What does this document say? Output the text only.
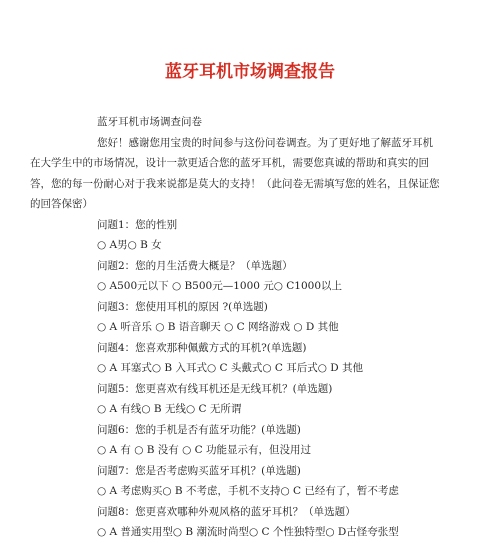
蓝牙耳机市场调查报告
蓝牙耳机市场调查问卷
您好！感谢您用宝贵的时间参与这份问卷调查。为了更好地了解蓝牙耳机在大学生中的市场情况，设计一款更适合您的蓝牙耳机，需要您真诚的帮助和真实的回答，您的每一份耐心对于我来说都是莫大的支持！（此问卷无需填写您的姓名，且保证您的回答保密）
问题1：您的性别
○ A男○ B 女
问题2：您的月生活费大概是？（单选题）
○ A500元以下 ○ B500元—1000 元○ C1000以上
问题3：您使用耳机的原因 ?(单选题)
○ A 听音乐 ○ B 语音聊天 ○ C 网络游戏 ○ D 其他
问题4：您喜欢那种佩戴方式的耳机?(单选题)
○ A 耳塞式○ B 入耳式○ C 头戴式○ C 耳后式○ D 其他
问题5：您更喜欢有线耳机还是无线耳机？(单选题)
○ A 有线○ B 无线○ C 无所谓
问题6：您的手机是否有蓝牙功能？(单选题)
○ A 有 ○ B 没有 ○ C 功能显示有，但没用过
问题7：您是否考虑购买蓝牙耳机？(单选题)
○ A 考虑购买○ B 不考虑，手机不支持○ C 已经有了，暂不考虑
问题8：您更喜欢哪种外观风格的蓝牙耳机？（单选题）
○ A 普通实用型○ B 潮流时尚型○ C 个性独特型○ D古怪夸张型
